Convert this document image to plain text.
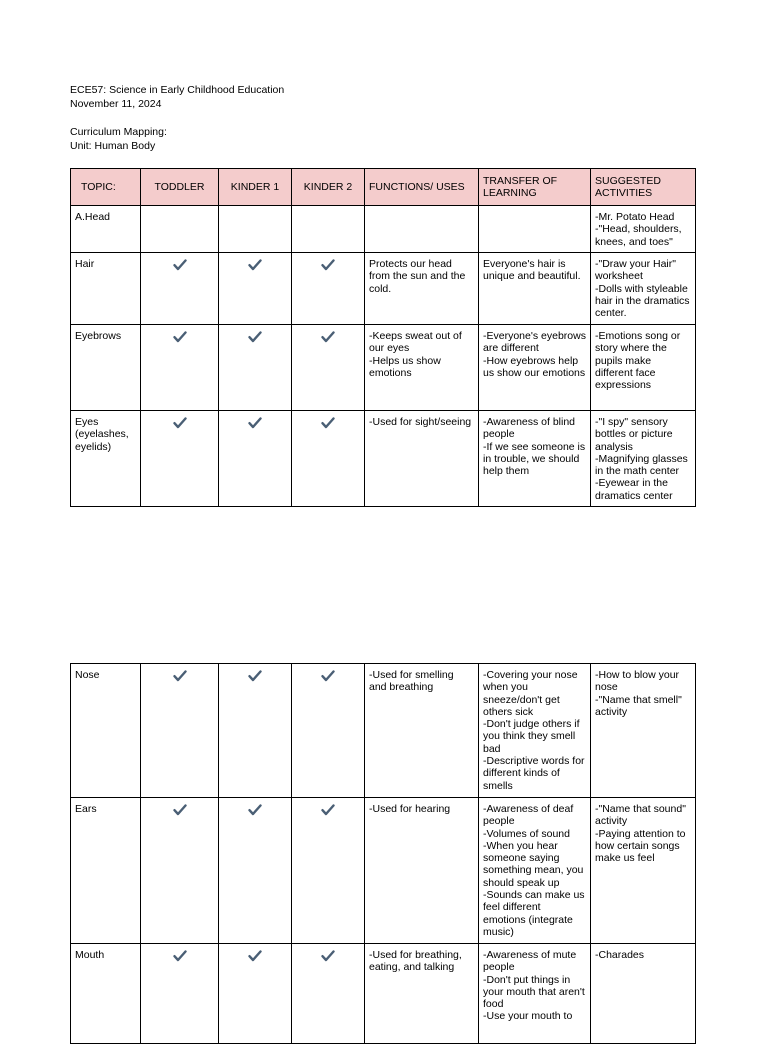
ECE57: Science in Early Childhood Education
November 11, 2024
Curriculum Mapping:
Unit: Human Body
TOPIC:	TODDLER	KINDER 1	KINDER 2	FUNCTIONS/ USES	TRANSFER OF LEARNING	SUGGESTED ACTIVITIES
A.Head						-Mr. Potato Head
-"Head, shoulders, knees, and toes"

Hair				Protects our head from the sun and the cold.	Everyone's hair is unique and beautiful.	-"Draw your Hair" worksheet
-Dolls with styleable hair in the dramatics center.

Eyebrows				-Keeps sweat out of our eyes
-Helps us show emotions	-Everyone's eyebrows are different
-How eyebrows help us show our emotions	-Emotions song or story where the pupils make different face expressions

Eyes (eyelashes, eyelids)				-Used for sight/seeing	-Awareness of blind people
-If we see someone is in trouble, we should help them	-"I spy" sensory bottles or picture analysis
-Magnifying glasses in the math center
-Eyewear in the dramatics center
Nose				-Used for smelling and breathing	-Covering your nose when you sneeze/don't get others sick
-Don't judge others if you think they smell bad
-Descriptive words for different kinds of smells	-How to blow your nose
-"Name that smell" activity

Ears				-Used for hearing	-Awareness of deaf people
-Volumes of sound
-When you hear someone saying something mean, you should speak up
-Sounds can make us feel different emotions (integrate music)	-"Name that sound" activity
-Paying attention to how certain songs make us feel

Mouth				-Used for breathing, eating, and talking	-Awareness of mute people
-Don't put things in your mouth that aren't food
-Use your mouth to	-Charades
